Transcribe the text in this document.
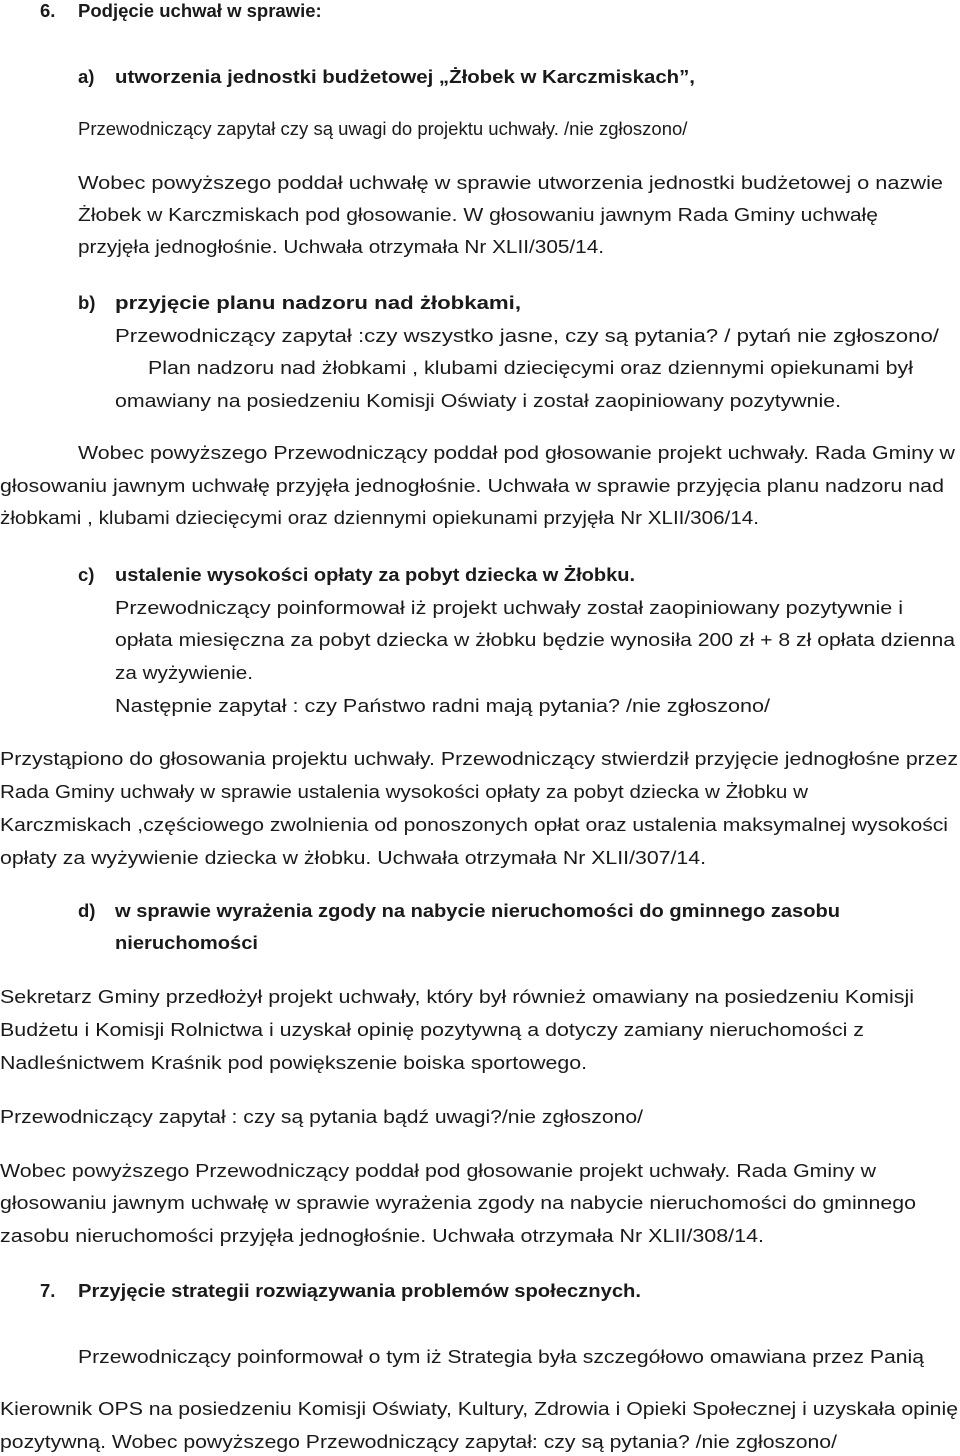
6. Podjęcie uchwał w sprawie:
a) utworzenia jednostki budżetowej „Żłobek w Karczmiskach”,
Przewodniczący zapytał czy są uwagi do projektu uchwały. /nie zgłoszono/
Wobec powyższego poddał uchwałę w sprawie utworzenia jednostki budżetowej o nazwie
Żłobek w Karczmiskach pod głosowanie. W głosowaniu jawnym Rada Gminy uchwałę
przyjęła jednogłośnie. Uchwała otrzymała Nr XLII/305/14.
b) przyjęcie planu nadzoru nad żłobkami,
Przewodniczący zapytał :czy wszystko jasne, czy są pytania? / pytań nie zgłoszono/
Plan nadzoru nad żłobkami , klubami dziecięcymi oraz dziennymi opiekunami był
omawiany na posiedzeniu Komisji Oświaty i został zaopiniowany pozytywnie.
Wobec powyższego Przewodniczący poddał pod głosowanie projekt uchwały. Rada Gminy w
głosowaniu jawnym uchwałę przyjęła jednogłośnie. Uchwała w sprawie przyjęcia planu nadzoru nad
żłobkami , klubami dziecięcymi oraz dziennymi opiekunami przyjęła Nr XLII/306/14.
c) ustalenie wysokości opłaty za pobyt dziecka w Żłobku.
Przewodniczący poinformował iż projekt uchwały został zaopiniowany pozytywnie i
opłata miesięczna za pobyt dziecka w żłobku będzie wynosiła 200 zł + 8 zł opłata dzienna
za wyżywienie.
Następnie zapytał : czy Państwo radni mają pytania? /nie zgłoszono/
Przystąpiono do głosowania projektu uchwały. Przewodniczący stwierdził przyjęcie jednogłośne przez
Rada Gminy uchwały w sprawie ustalenia wysokości opłaty za pobyt dziecka w Żłobku w
Karczmiskach ,częściowego zwolnienia od ponoszonych opłat oraz ustalenia maksymalnej wysokości
opłaty za wyżywienie dziecka w żłobku. Uchwała otrzymała Nr XLII/307/14.
d) w sprawie wyrażenia zgody na nabycie nieruchomości do gminnego zasobu
nieruchomości
Sekretarz Gminy przedłożył projekt uchwały, który był również omawiany na posiedzeniu Komisji
Budżetu i Komisji Rolnictwa i uzyskał opinię pozytywną a dotyczy zamiany nieruchomości z
Nadleśnictwem Kraśnik pod powiększenie boiska sportowego.
Przewodniczący zapytał : czy są pytania bądź uwagi?/nie zgłoszono/
Wobec powyższego Przewodniczący poddał pod głosowanie projekt uchwały. Rada Gminy w
głosowaniu jawnym uchwałę w sprawie wyrażenia zgody na nabycie nieruchomości do gminnego
zasobu nieruchomości przyjęła jednogłośnie. Uchwała otrzymała Nr XLII/308/14.
7. Przyjęcie strategii rozwiązywania problemów społecznych.
Przewodniczący poinformował o tym iż Strategia była szczegółowo omawiana przez Panią
Kierownik OPS na posiedzeniu Komisji Oświaty, Kultury, Zdrowia i Opieki Społecznej i uzyskała opinię
pozytywną. Wobec powyższego Przewodniczący zapytał: czy są pytania? /nie zgłoszono/
